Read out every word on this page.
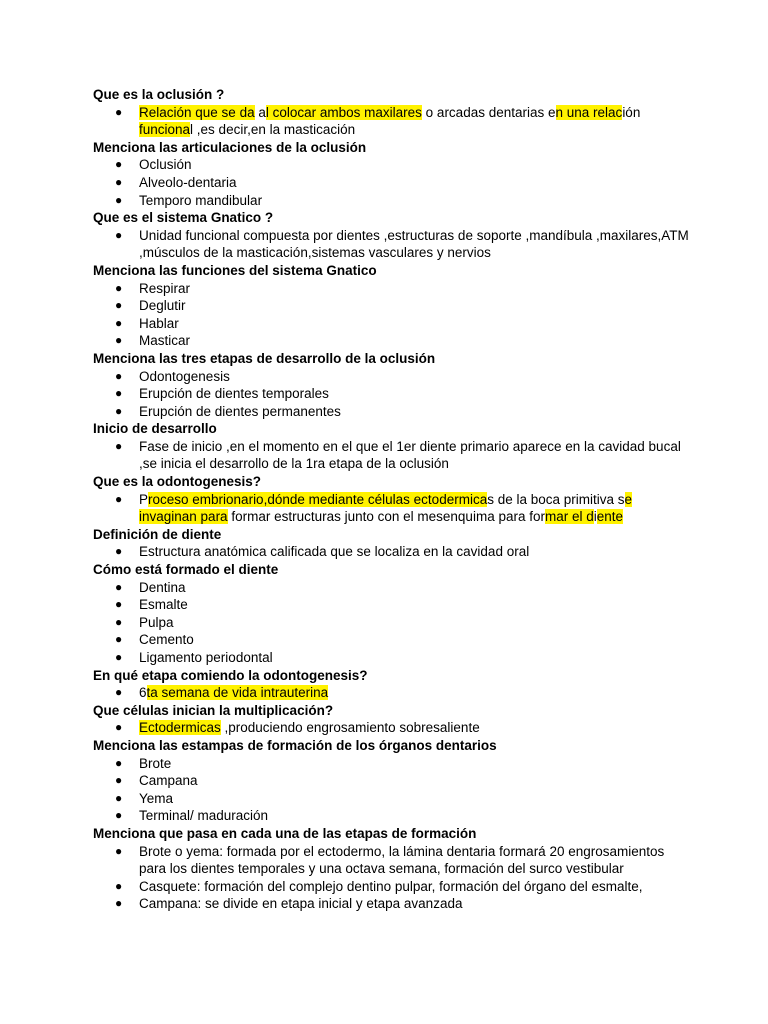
Que es la oclusión ?

● Relación que se da al colocar ambos maxilares o arcadas dentarias en una relación funcional ,es decir,en la masticación

Menciona las articulaciones de la oclusión

● Oclusión
● Alveolo-dentaria
● Temporo mandibular

Que es el sistema Gnatico ?

● Unidad funcional compuesta por dientes ,estructuras de soporte ,mandíbula ,maxilares,ATM ,músculos de la masticación,sistemas vasculares y nervios

Menciona las funciones del sistema Gnatico

● Respirar
● Deglutir
● Hablar
● Masticar

Menciona las tres etapas de desarrollo de la oclusión

● Odontogenesis
● Erupción de dientes temporales
● Erupción de dientes permanentes

Inicio de desarrollo

● Fase de inicio ,en el momento en el que el 1er diente primario aparece en la cavidad bucal ,se inicia el desarrollo de la 1ra etapa de la oclusión

Que es la odontogenesis?

● Proceso embrionario,dónde mediante células ectodermicas de la boca primitiva se invaginan para formar estructuras junto con el mesenquima para formar el diente

Definición de diente

● Estructura anatómica calificada que se localiza en la cavidad oral

Cómo está formado el diente

● Dentina
● Esmalte
● Pulpa
● Cemento
● Ligamento periodontal

En qué etapa comiendo la odontogenesis?

● 6ta semana de vida intrauterina

Que células inician la multiplicación?

● Ectodermicas ,produciendo engrosamiento sobresaliente

Menciona las estampas de formación de los órganos dentarios

● Brote
● Campana
● Yema
● Terminal/ maduración

Menciona que pasa en cada una de las etapas de formación

● Brote o yema: formada por el ectodermo, la lámina dentaria formará 20 engrosamientos para los dientes temporales y una octava semana, formación del surco vestibular
● Casquete: formación del complejo dentino pulpar, formación del órgano del esmalte,
● Campana: se divide en etapa inicial y etapa avanzada
